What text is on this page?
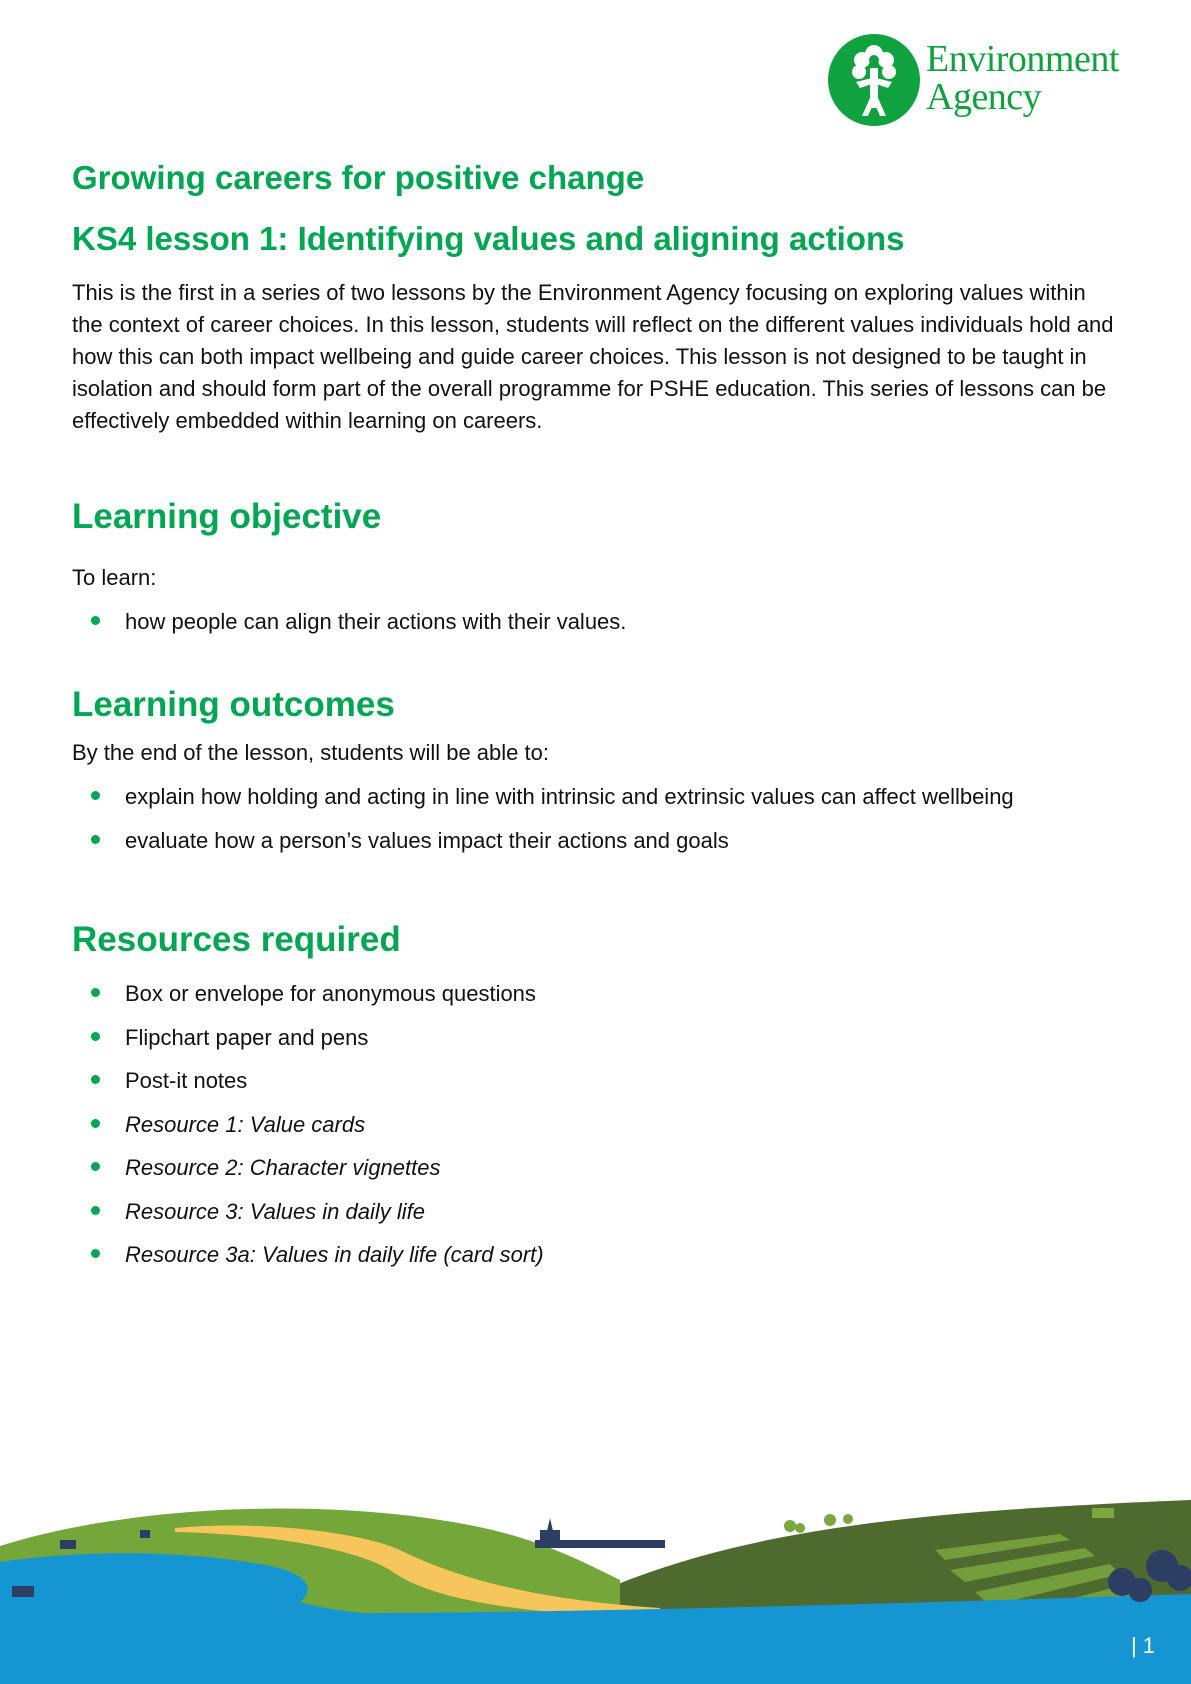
Environment
Agency
Growing careers for positive change
KS4 lesson 1: Identifying values and aligning actions

This is the first in a series of two lessons by the Environment Agency focusing on exploring values within the context of career choices. In this lesson, students will reflect on the different values individuals hold and how this can both impact wellbeing and guide career choices. This lesson is not designed to be taught in isolation and should form part of the overall programme for PSHE education. This series of lessons can be effectively embedded within learning on careers.

Learning objective

To learn:

how people can align their actions with their values.
Learning outcomes

By the end of the lesson, students will be able to:

explain how holding and acting in line with intrinsic and extrinsic values can affect wellbeing
evaluate how a person’s values impact their actions and goals
Resources required
Box or envelope for anonymous questions
Flipchart paper and pens
Post-it notes
Resource 1: Value cards
Resource 2: Character vignettes
Resource 3: Values in daily life
Resource 3a: Values in daily life (card sort)
| 1
